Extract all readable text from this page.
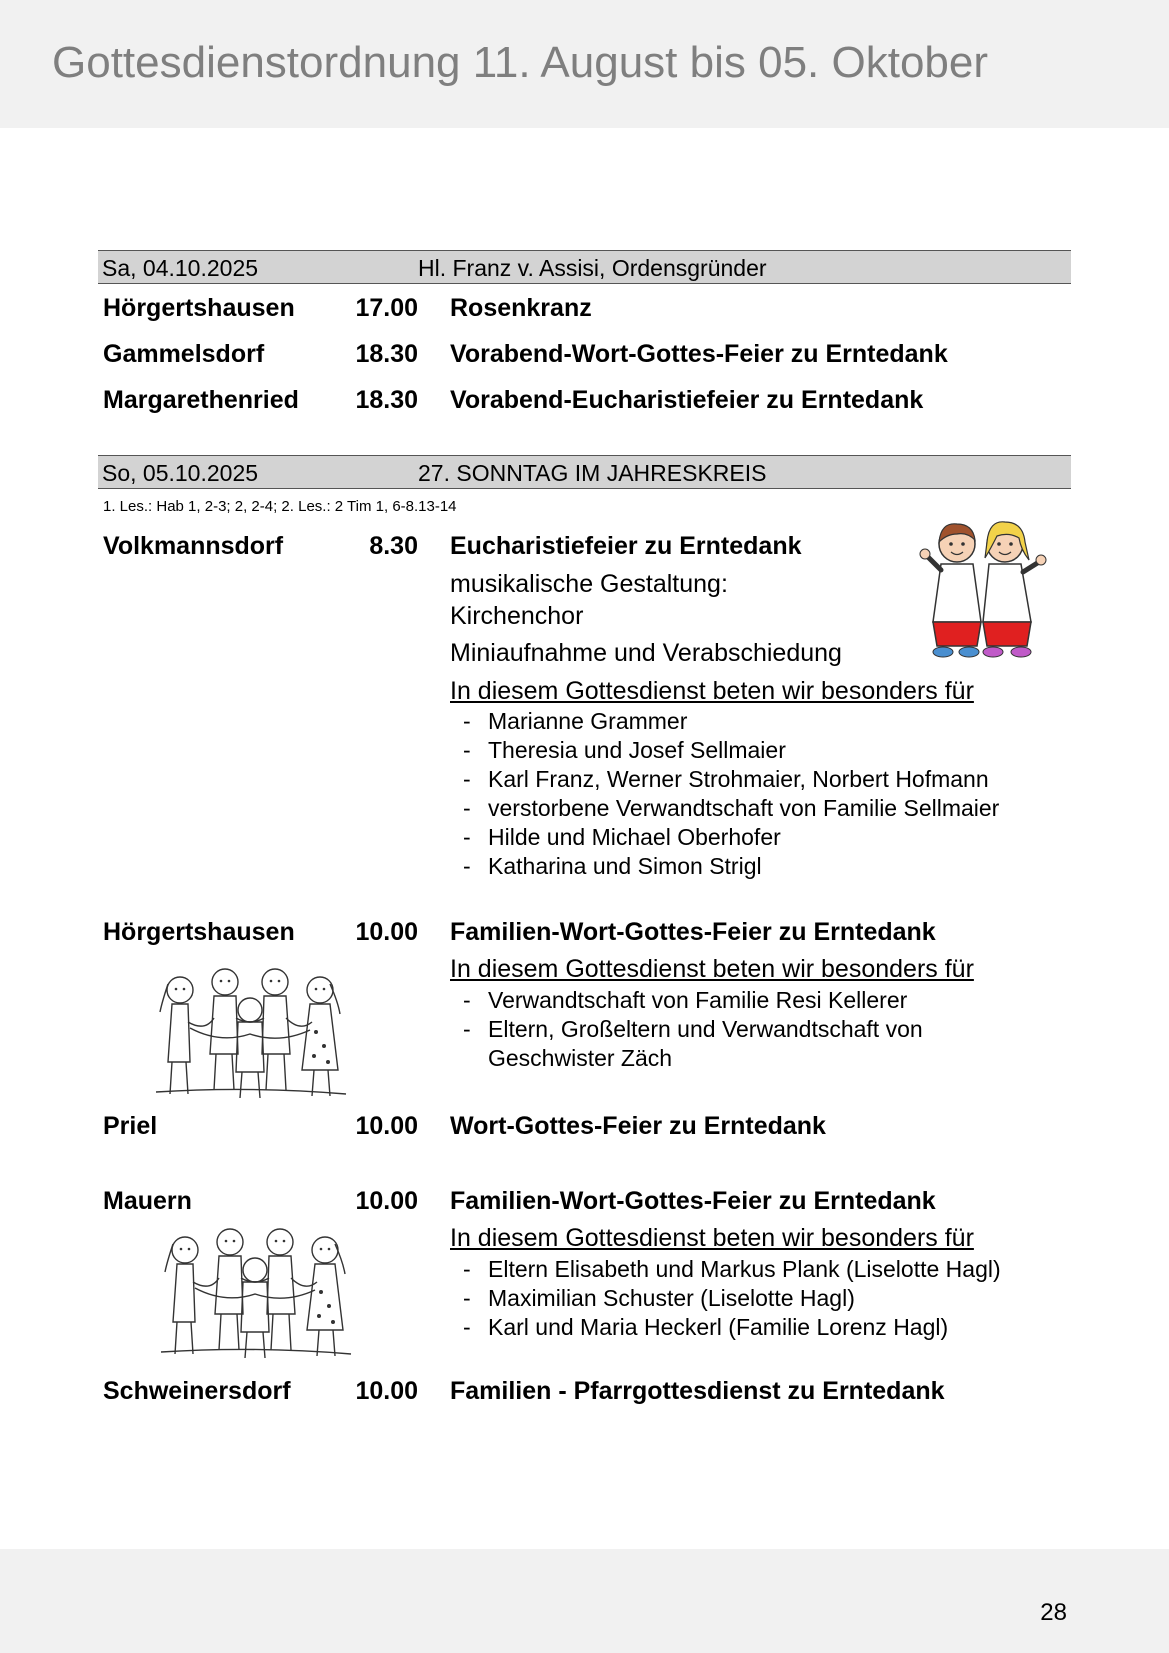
Gottesdienstordnung 11. August bis 05. Oktober
Sa, 04.10.2025	Hl. Franz v. Assisi, Ordensgründer
Hörgertshausen 17.00 Rosenkranz
Gammelsdorf	18.30 Vorabend-Wort-Gottes-Feier zu Erntedank
Margarethenried 18.30 Vorabend-Eucharistiefeier zu Erntedank
So, 05.10.2025	27. SONNTAG IM JAHRESKREIS
1. Les.: Hab 1, 2-3; 2, 2-4; 2. Les.: 2 Tim 1, 6-8.13-14
Volkmannsdorf	8.30 Eucharistiefeier zu Erntedank
musikalische Gestaltung:
Kirchenchor
Miniaufnahme und Verabschiedung
In diesem Gottesdienst beten wir besonders für
- Marianne Grammer
- Theresia und Josef Sellmaier
- Karl Franz, Werner Strohmaier, Norbert Hofmann
- verstorbene Verwandtschaft von Familie Sellmaier
- Hilde und Michael Oberhofer
- Katharina und Simon Strigl
Hörgertshausen 10.00 Familien-Wort-Gottes-Feier zu Erntedank
In diesem Gottesdienst beten wir besonders für
- Verwandtschaft von Familie Resi Kellerer
- Eltern, Großeltern und Verwandtschaft von
Geschwister Zäch
Priel	10.00 Wort-Gottes-Feier zu Erntedank
Mauern	10.00 Familien-Wort-Gottes-Feier zu Erntedank
In diesem Gottesdienst beten wir besonders für
- Eltern Elisabeth und Markus Plank (Liselotte Hagl)
- Maximilian Schuster (Liselotte Hagl)
- Karl und Maria Heckerl (Familie Lorenz Hagl)
Schweinersdorf	10.00 Familien - Pfarrgottesdienst zu Erntedank
28
